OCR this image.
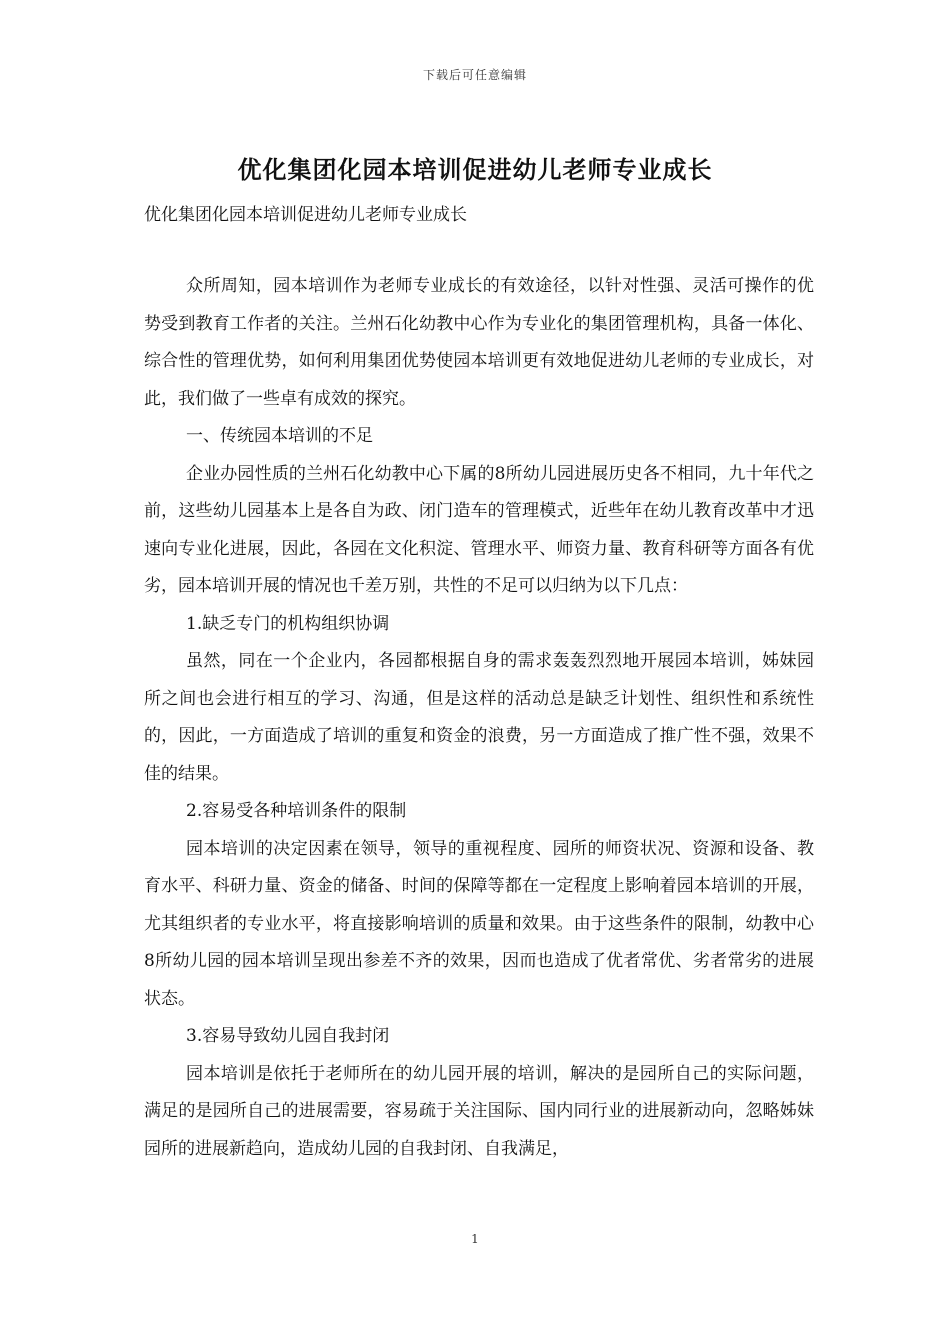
下载后可任意编辑
优化集团化园本培训促进幼儿老师专业成长
优化集团化园本培训促进幼儿老师专业成长

众所周知，园本培训作为老师专业成长的有效途径，以针对性强、灵活可操作的优势受到教育工作者的关注。兰州石化幼教中心作为专业化的集团管理机构，具备一体化、综合性的管理优势，如何利用集团优势使园本培训更有效地促进幼儿老师的专业成长，对此，我们做了一些卓有成效的探究。

一、传统园本培训的不足

企业办园性质的兰州石化幼教中心下属的8所幼儿园进展历史各不相同，九十年代之前，这些幼儿园基本上是各自为政、闭门造车的管理模式，近些年在幼儿教育改革中才迅速向专业化进展，因此，各园在文化积淀、管理水平、师资力量、教育科研等方面各有优劣，园本培训开展的情况也千差万别，共性的不足可以归纳为以下几点：

1.缺乏专门的机构组织协调

虽然，同在一个企业内，各园都根据自身的需求轰轰烈烈地开展园本培训，姊妹园所之间也会进行相互的学习、沟通，但是这样的活动总是缺乏计划性、组织性和系统性的，因此，一方面造成了培训的重复和资金的浪费，另一方面造成了推广性不强，效果不佳的结果。

2.容易受各种培训条件的限制

园本培训的决定因素在领导，领导的重视程度、园所的师资状况、资源和设备、教育水平、科研力量、资金的储备、时间的保障等都在一定程度上影响着园本培训的开展，尤其组织者的专业水平，将直接影响培训的质量和效果。由于这些条件的限制，幼教中心8所幼儿园的园本培训呈现出参差不齐的效果，因而也造成了优者常优、劣者常劣的进展状态。

3.容易导致幼儿园自我封闭

园本培训是依托于老师所在的幼儿园开展的培训，解决的是园所自己的实际问题，满足的是园所自己的进展需要，容易疏于关注国际、国内同行业的进展新动向，忽略姊妹园所的进展新趋向，造成幼儿园的自我封闭、自我满足，

1
